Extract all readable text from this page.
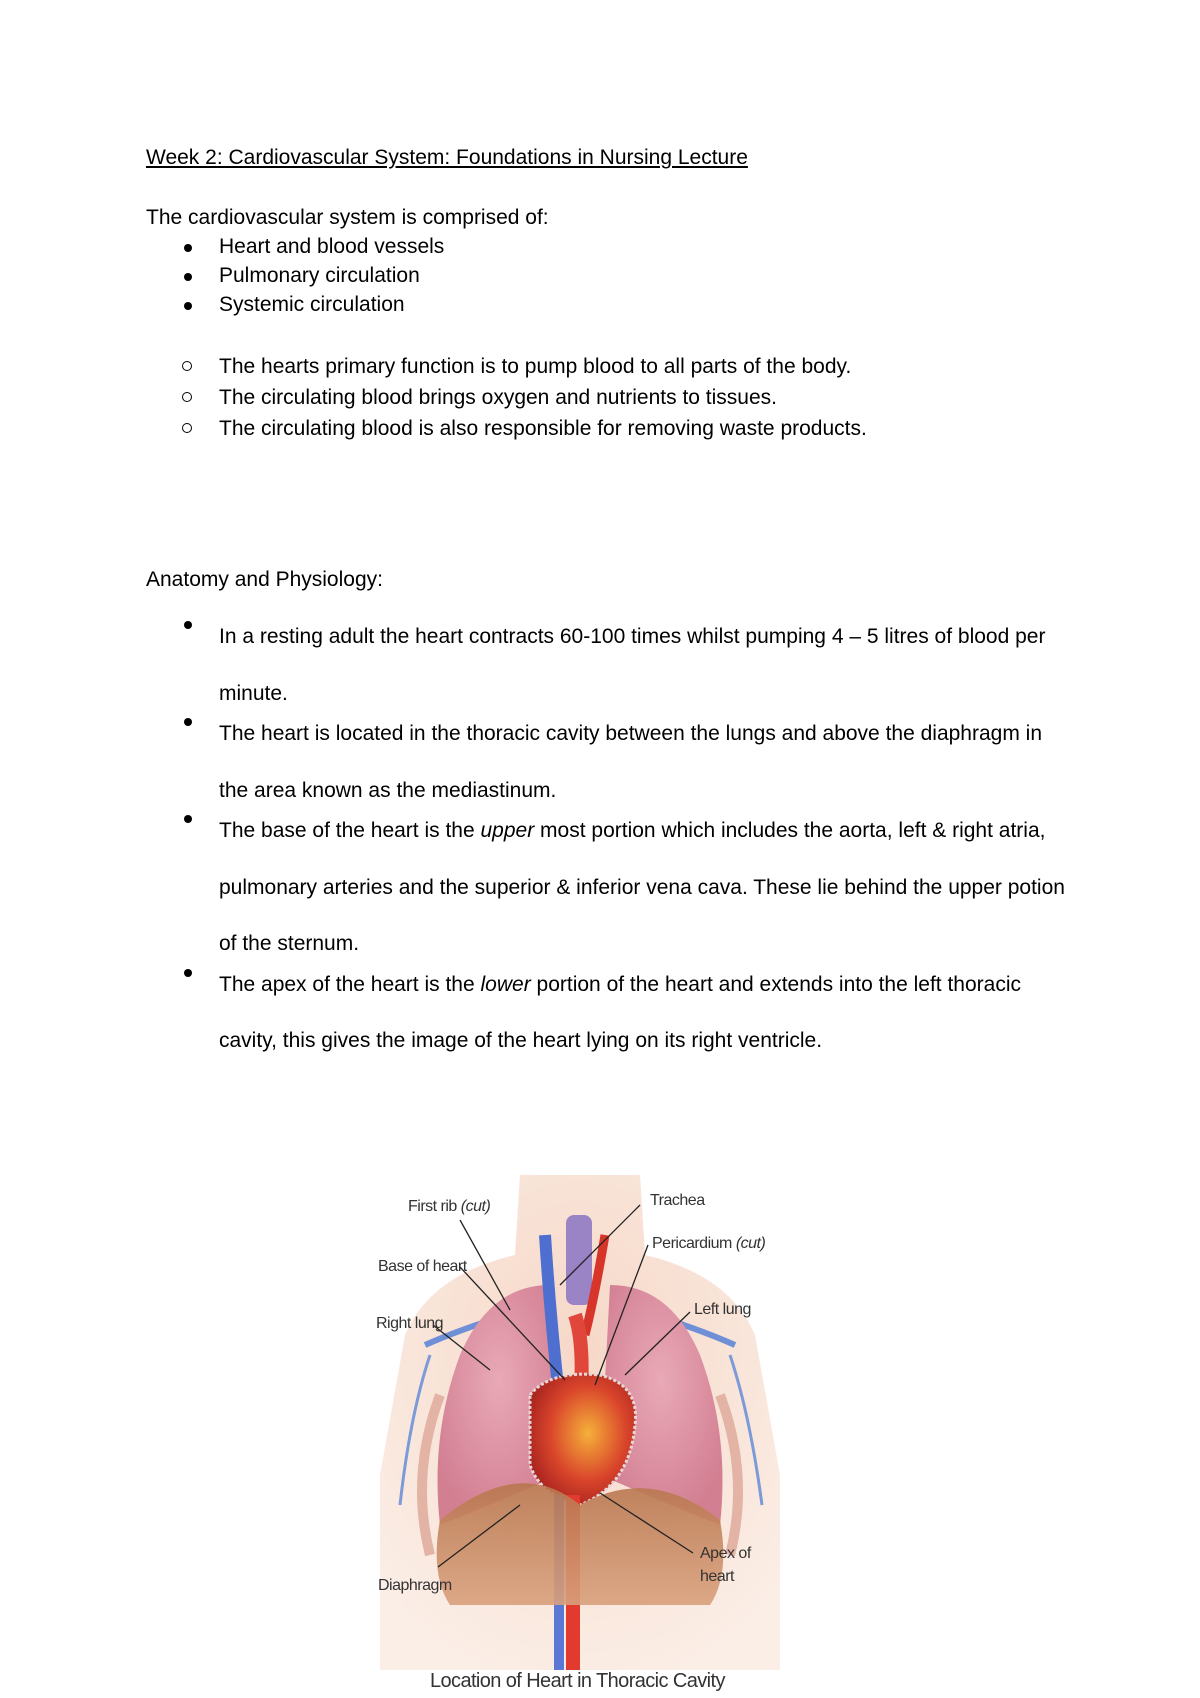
Week 2: Cardiovascular System: Foundations in Nursing Lecture
The cardiovascular system is comprised of:
Heart and blood vessels
Pulmonary circulation
Systemic circulation
The hearts primary function is to pump blood to all parts of the body.
The circulating blood brings oxygen and nutrients to tissues.
The circulating blood is also responsible for removing waste products.
Anatomy and Physiology:
In a resting adult the heart contracts 60-100 times whilst pumping 4 – 5 litres of blood per minute.
The heart is located in the thoracic cavity between the lungs and above the diaphragm in the area known as the mediastinum.
The base of the heart is the upper most portion which includes the aorta, left & right atria, pulmonary arteries and the superior & inferior vena cava. These lie behind the upper potion of the sternum.
The apex of the heart is the lower portion of the heart and extends into the left thoracic cavity, this gives the image of the heart lying on its right ventricle.
First rib (cut)	Trachea
Pericardium (cut)
Base of heart
Left lung
Right lung
Apex of
heart
Diaphragm
Location of Heart in Thoracic Cavity
